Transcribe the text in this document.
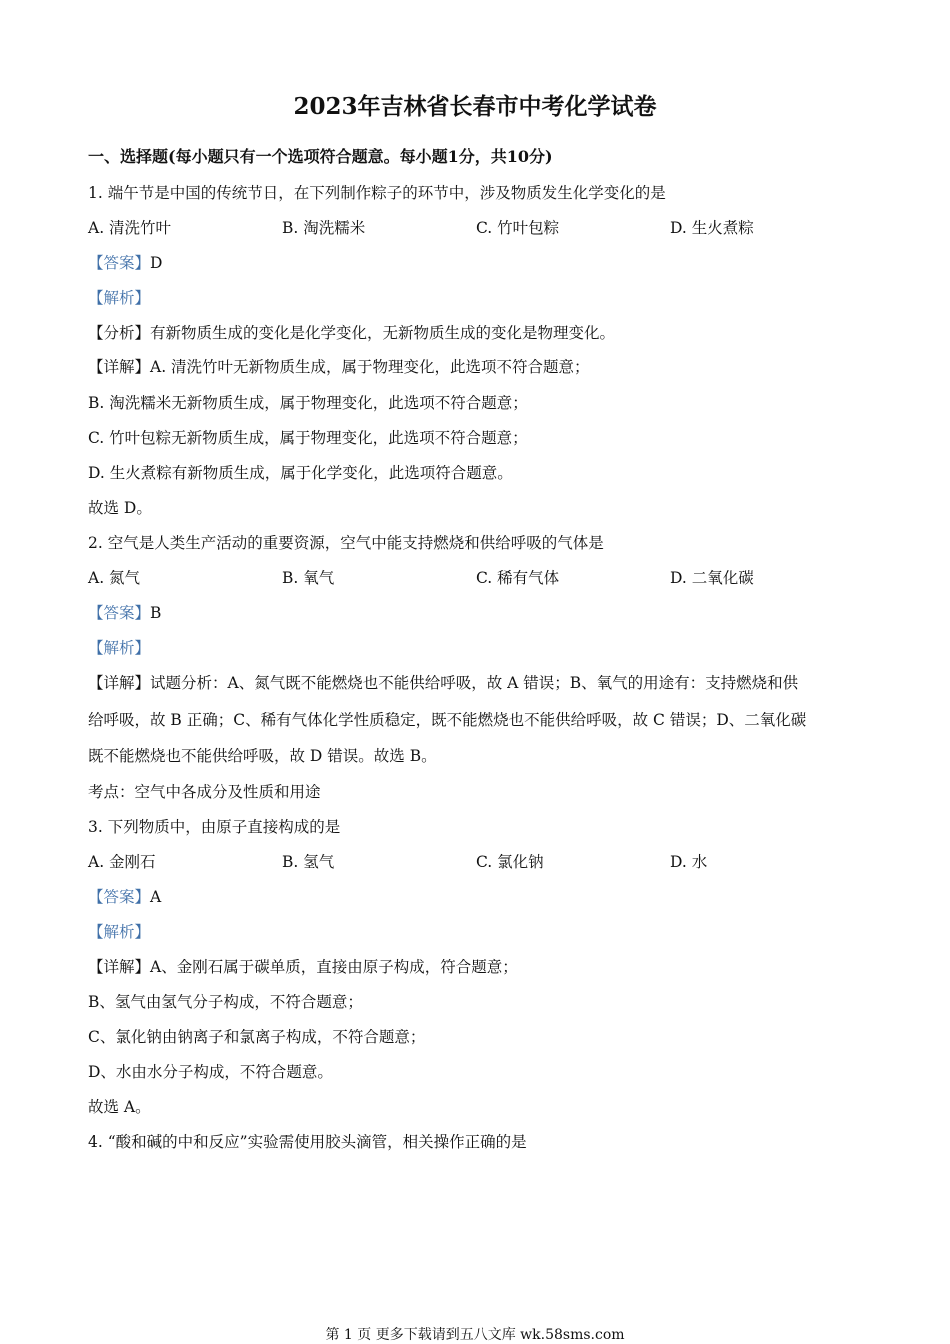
2023年吉林省长春市中考化学试卷
一、选择题(每小题只有一个选项符合题意。每小题1分，共10分)
1. 端午节是中国的传统节日，在下列制作粽子的环节中，涉及物质发生化学变化的是
A. 清洗竹叶	B. 淘洗糯米	C. 竹叶包粽	D. 生火煮粽
【答案】D
【解析】
【分析】有新物质生成的变化是化学变化，无新物质生成的变化是物理变化。
【详解】A. 清洗竹叶无新物质生成，属于物理变化，此选项不符合题意；
B. 淘洗糯米无新物质生成，属于物理变化，此选项不符合题意；
C. 竹叶包粽无新物质生成，属于物理变化，此选项不符合题意；
D. 生火煮粽有新物质生成，属于化学变化，此选项符合题意。
故选 D。
2. 空气是人类生产活动的重要资源，空气中能支持燃烧和供给呼吸的气体是
A. 氮气	B. 氧气	C. 稀有气体	D. 二氧化碳
【答案】B
【解析】
【详解】试题分析：A、氮气既不能燃烧也不能供给呼吸，故 A 错误；B、氧气的用途有：支持燃烧和供
给呼吸，故 B 正确；C、稀有气体化学性质稳定，既不能燃烧也不能供给呼吸，故 C 错误；D、二氧化碳
既不能燃烧也不能供给呼吸，故 D 错误。故选 B。
考点：空气中各成分及性质和用途
3. 下列物质中，由原子直接构成的是
A. 金刚石	B. 氢气	C. 氯化钠	D. 水
【答案】A
【解析】
【详解】A、金刚石属于碳单质，直接由原子构成，符合题意；
B、氢气由氢气分子构成，不符合题意；
C、氯化钠由钠离子和氯离子构成，不符合题意；
D、水由水分子构成，不符合题意。
故选 A。
4. “酸和碱的中和反应”实验需使用胶头滴管，相关操作正确的是
第 1 页 更多下载请到五八文库 wk.58sms.com
